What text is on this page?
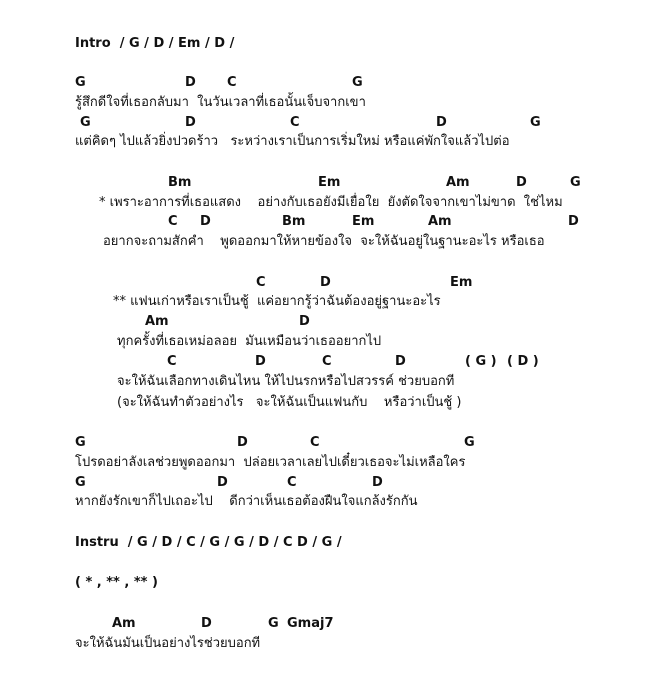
Intro  / G / D / Em / D /
G	D C	G
รู้สึกดีใจที่เธอกลับมา  ในวันเวลาที่เธอนั้นเจ็บจากเขา
G	D	C	D	G
แต่คิดๆ ไปแล้วยิ่งปวดร้าว   ระหว่างเราเป็นการเริ่มใหม่ หรือแค่พักใจแล้วไปต่อ
Bm	Em	Am	D	G
* เพราะอาการที่เธอแสดง    อย่างกับเธอยังมีเยื่อใย  ยังตัดใจจากเขาไม่ขาด  ใช่ไหม
C D	Bm	Em	Am	D
อยากจะถามสักคำ    พูดออกมาให้หายข้องใจ  จะให้ฉันอยู่ในฐานะอะไร หรือเธอ
C	D	Em
** แฟนเก่าหรือเราเป็นชู้  แค่อยากรู้ว่าฉันต้องอยู่ฐานะอะไร
Am	D
ทุกครั้งที่เธอเหม่อลอย  มันเหมือนว่าเธออยากไป
C	D	C	D	( G ) ( D )
จะให้ฉันเลือกทางเดินไหน ให้ไปนรกหรือไปสวรรค์ ช่วยบอกที
(จะให้ฉันทำตัวอย่างไร   จะให้ฉันเป็นแฟนกับ    หรือว่าเป็นชู้ )
G	D	C	G
โปรดอย่าลังเลช่วยพูดออกมา  ปล่อยเวลาเลยไปเดี๋ยวเธอจะไม่เหลือใคร
G	D	C	D
หากยังรักเขาก็ไปเถอะไป    ดีกว่าเห็นเธอต้องฝืนใจแกล้งรักกัน
Instru  / G / D / C / G / G / D / C D / G /
( * , ** , ** )
Am	D	G Gmaj7
จะให้ฉันมันเป็นอย่างไรช่วยบอกที
